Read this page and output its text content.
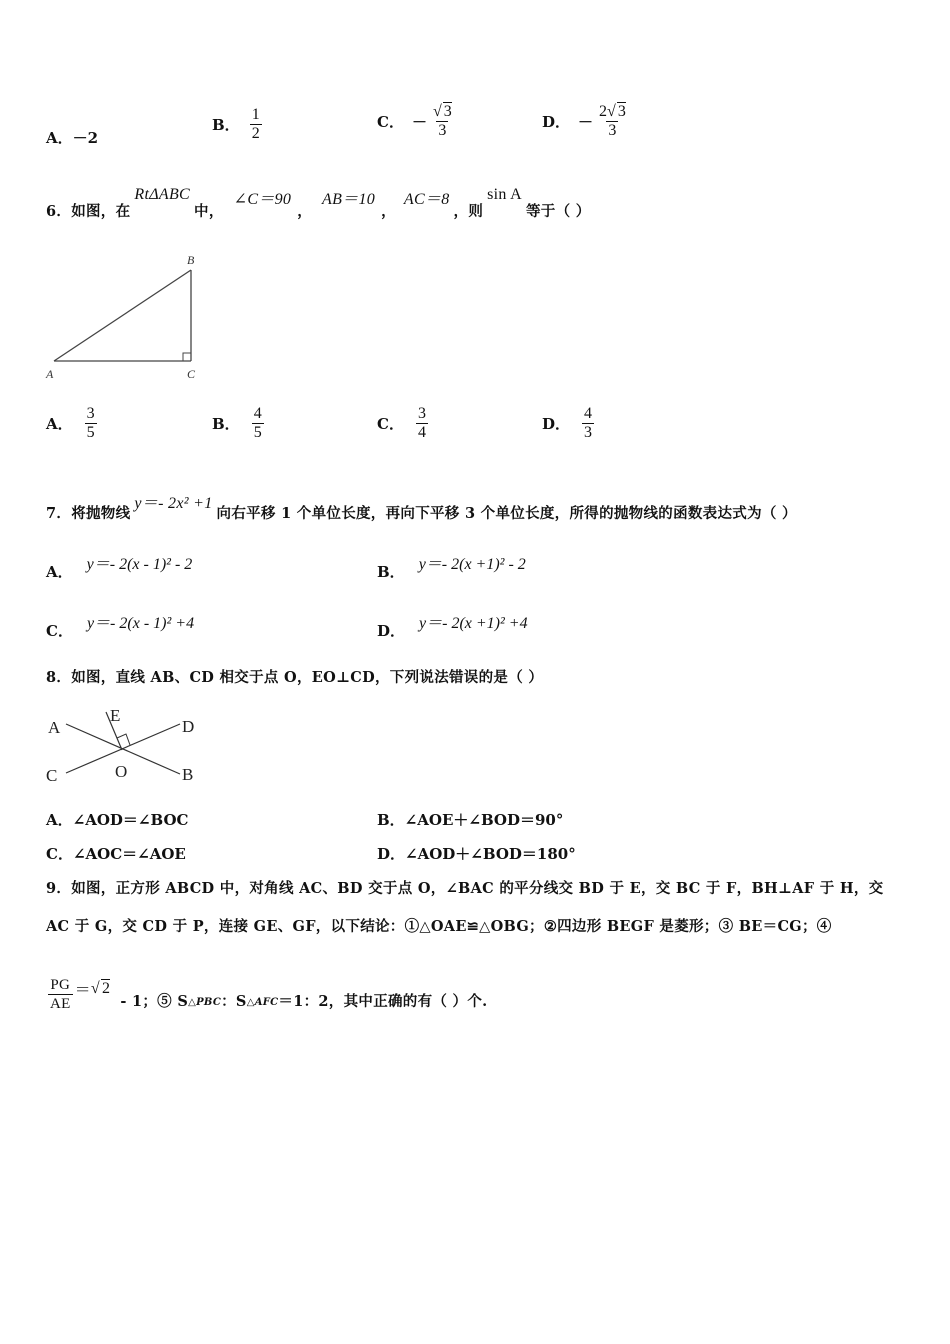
A．－2
B． $\frac{1}{2}$	C． － $\frac{√ 3}{3}$	D． － $\frac{2√ 3}{3}$
6．如图，在
RtΔABC
中，
∠C＝90
，
AB＝10
，
AC＝8
，则
sin A
等于（ ）
A
B
C
A． $\frac{3}{5}$	B． $\frac{4}{5}$	C． $\frac{3}{4}$	D． $\frac{4}{3}$
7．将抛物线
y＝- 2x² +1
向右平移 1 个单位长度，再向下平移 3 个单位长度，所得的抛物线的函数表达式为（ ）
A． y＝- 2(x - 1)² - 2	B． y＝- 2(x +1)² - 2
C． y＝- 2(x - 1)² +4	D． y＝- 2(x +1)² +4
8．如图，直线 AB、CD 相交于点 O，EO⊥CD，下列说法错误的是（ ）
A	D
E
O
C	B
A．∠AOD＝∠BOC	B．∠AOE＋∠BOD＝90°
C．∠AOC＝∠AOE	D．∠AOD＋∠BOD＝180°
9．如图，正方形 ABCD 中，对角线 AC、BD 交于点 O，∠BAC 的平分线交 BD 于 E，交 BC 于 F，BH⊥AF 于 H，交
AC 于 G，交 CD 于 P，连接 GE、GF，以下结论：①△OAE≌△OBG；②四边形 BEGF 是菱形；③ BE＝CG；④
$\frac{PG}{AE}$ ＝ √ 2
- 1；⑤ S △PBC ：S △AFC ＝1：2，其中正确的有（ ）个.
